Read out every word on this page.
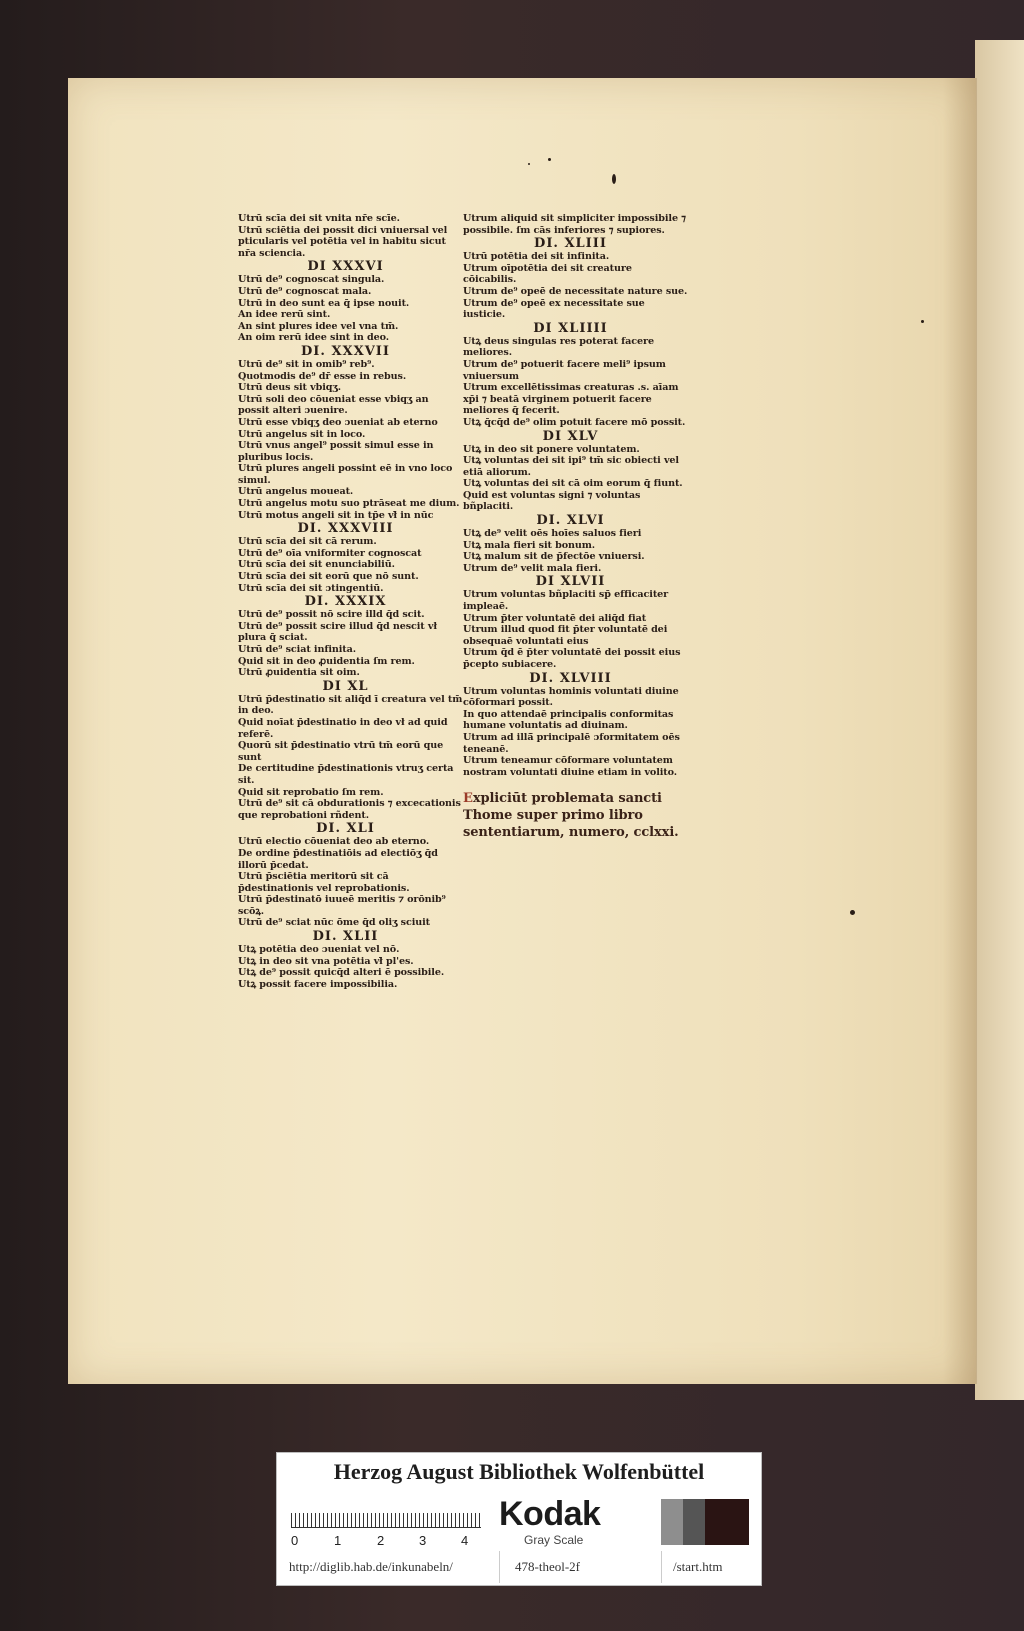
Utrū scīa dei sit vnita nr̄e scīe.
Utrū sciētia dei possit dici vniuersal vel pticularis vel potētia vel in habitu sicut nr̄a sciencia.
DI XXXVI
Utrū de⁹ cognoscat singula.
Utrū de⁹ cognoscat mala.
Utrū in deo sunt ea q̄ ipse nouit.
An idee rerū sint.
An sint plures idee vel vna tm̄.
An oim rerū idee sint in deo.
DI. XXXVII
Utrū de⁹ sit in omib⁹ reb⁹.
Quotmodis de⁹ dr̄ esse in rebus.
Utrū deus sit vbiqʒ.
Utrū soli deo cōueniat esse vbiqʒ an possit alteri ɔuenire.
Utrū esse vbiqʒ deo ɔueniat ab eterno
Utrū angelus sit in loco.
Utrū vnus angel⁹ possit simul esse in pluribus locis.
Utrū plures angeli possint eē in vno loco simul.
Utrū angelus moueat.
Utrū angelus motu suo ptrāseat me dium.
Utrū motus angeli sit in tp̄e vł̄ in nūc
DI. XXXVIII
Utrū scīa dei sit cā rerum.
Utrū de⁹ oīa vniformiter cognoscat
Utrū scīa dei sit enunciabiliū.
Utrū scīa dei sit eorū que nō sunt.
Utrū scīa dei sit ɔtingentiū.
DI. XXXIX
Utrū de⁹ possit nō scire illd q̄d scit.
Utrū de⁹ possit scire illud q̄d nescit vł plura q̄ sciat.
Utrū de⁹ sciat infinita.
Quid sit in deo ꝓuidentia ſm rem.
Utrū ꝓuidentia sit oim.
DI XL
Utrū p̄destinatio sit aliq̄d ī creatura vel tm̄ in deo.
Quid noīat p̄destinatio in deo vł ad quid referē.
Quorū sit p̄destinatio vtrū tm̄ eorū que sunt
De certitudine p̄destinationis vtruʒ certa sit.
Quid sit reprobatio ſm rem.
Utrū de⁹ sit cā obdurationis ⁊ excecationis que reprobationi rñdent.
DI. XLI
Utrū electio cōueniat deo ab eterno.
De ordine p̄destinatiōis ad electiōʒ q̄d illorū p̄cedat.
Utrū p̄sciētia meritorū sit cā p̄destinationis vel reprobationis.
Utrū p̄destinatō iuueē meritis ⁊ orōnib⁹ scōꝝ.
Utrū de⁹ sciat nūc ōme q̄d oliʒ sciuit
DI. XLII
Utꝝ potētia deo ɔueniat vel nō.
Utꝝ in deo sit vna potētia vł̄ pl'es.
Utꝝ de⁹ possit quicq̄d alteri ē possibile.
Utꝝ possit facere impossibilia.
Utrum aliquid sit simpliciter impossibile ⁊ possibile. ſm cās inferiores ⁊ supiores.
DI. XLIII
Utrū potētia dei sit infinita.
Utrum oīpotētia dei sit creature cōicabilis.
Utrum de⁹ opeē de necessitate nature sue.
Utrum de⁹ opeē ex necessitate sue iusticie.
DI XLIIII
Utꝝ deus singulas res poterat facere meliores.
Utrum de⁹ potuerit facere meli⁹ ipsum vniuersum
Utrum excellētissimas creaturas .s. aīam xp̄i ⁊ beatā virginem potuerit facere meliores q̄ fecerit.
Utꝝ q̄cq̄d de⁹ olim potuit facere mō possit.
DI XLV
Utꝝ in deo sit ponere voluntatem.
Utꝝ voluntas dei sit ipi⁹ tm̄ sic obiecti vel etiā aliorum.
Utꝝ voluntas dei sit cā oim eorum q̄ fiunt.
Quid est voluntas signi ⁊ voluntas bñplaciti.
DI. XLVI
Utꝝ de⁹ velit oēs hoīes saluos fieri
Utꝝ mala fieri sit bonum.
Utꝝ malum sit de p̄fectōe vniuersi.
Utrum de⁹ velit mala fieri.
DI XLVII
Utrum voluntas bñplaciti sp̄ efficaciter impleaē.
Utrum p̄ter voluntatē dei aliq̄d fiat
Utrum illud quod fit p̄ter voluntatē dei obsequaē voluntati eius
Utrum q̄d ē p̄ter voluntatē dei possit eius p̄cepto subiacere.
DI. XLVIII
Utrum voluntas hominis voluntati diuine cōformari possit.
In quo attendaē principalis conformitas humane voluntatis ad diuinam.
Utrum ad illā̄ principalē ɔformitatem oēs teneanē.
Utrum teneamur cōformare voluntatem nostram voluntati diuine etiam in volito.
Expliciūt problemata sancti Thome super primo libro sententiarum, numero, cclxxi.
Herzog August Bibliothek Wolfenbüttel
0	1	2	3	4
Kodak
Gray Scale
http://diglib.hab.de/inkunabeln/	478-theol-2f	/start.htm
